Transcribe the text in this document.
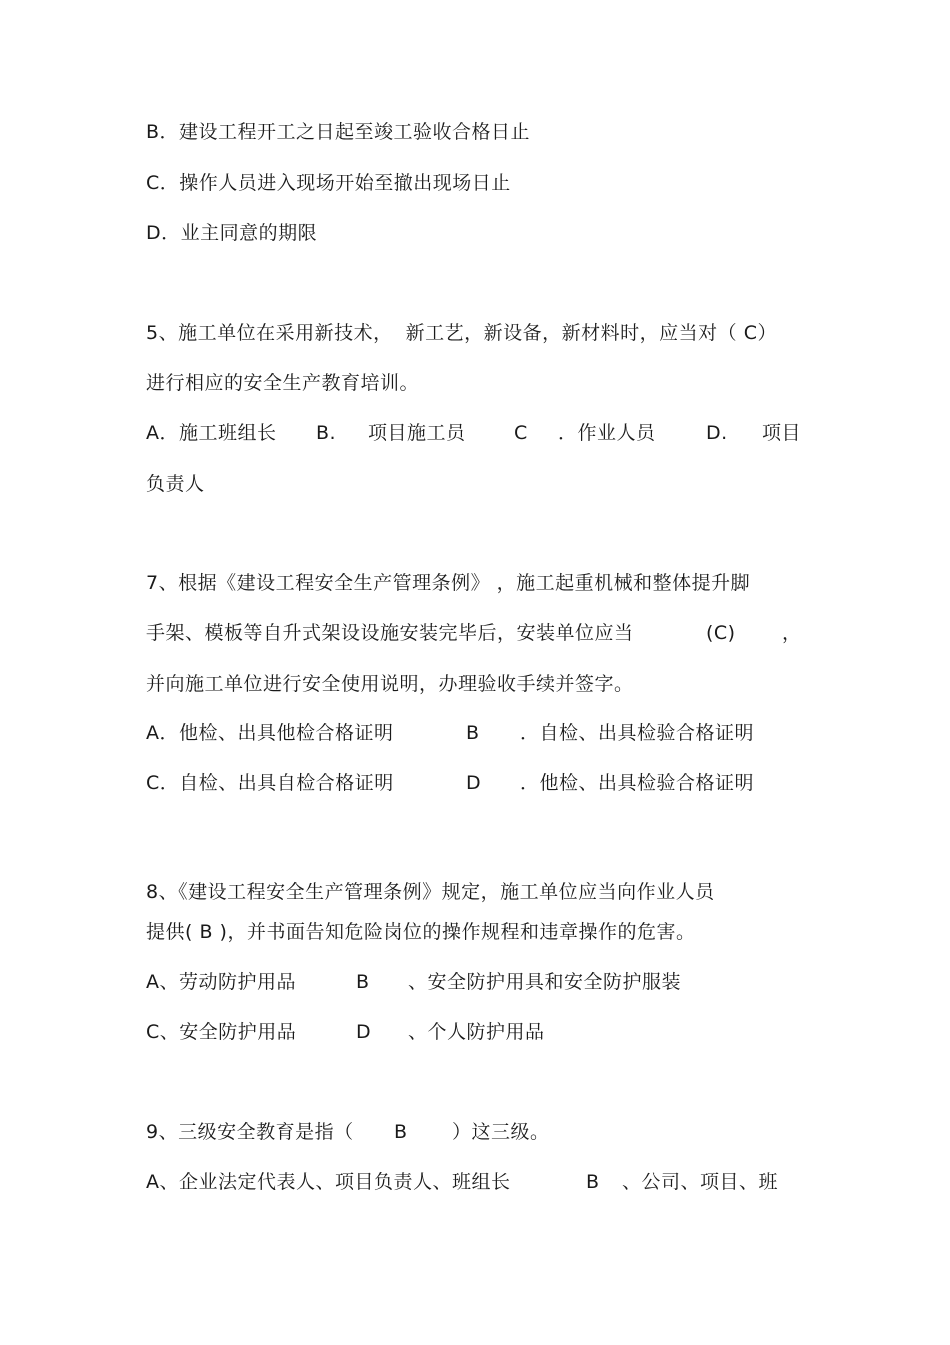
B．建设工程开工之日起至竣工验收合格日止
C．操作人员进入现场开始至撤出现场日止
D．业主同意的期限
5、施工单位在采用新技术，  新工艺，新设备，新材料时，应当对（ C）
进行相应的安全生产教育培训。
A．施工班组长 B. 项目施工员	C ．作业人员	D. 项目
负责人
7、根据《建设工程安全生产管理条例》 ，施工起重机械和整体提升脚
手架、模板等自升式架设设施安装完毕后，安装单位应当	(C) ，
并向施工单位进行安全使用说明，办理验收手续并签字。
A．他检、出具他检合格证明	B ．自检、出具检验合格证明
C．自检、出具自检合格证明	D ．他检、出具检验合格证明
8、《建设工程安全生产管理条例》规定，施工单位应当向作业人员
提供( B )，并书面告知危险岗位的操作规程和违章操作的危害。
A、劳动防护用品	B 、安全防护用具和安全防护服装
C、安全防护用品	D 、个人防护用品
9、三级安全教育是指（ B ）这三级。
A、企业法定代表人、项目负责人、班组长	B 、公司、项目、班
